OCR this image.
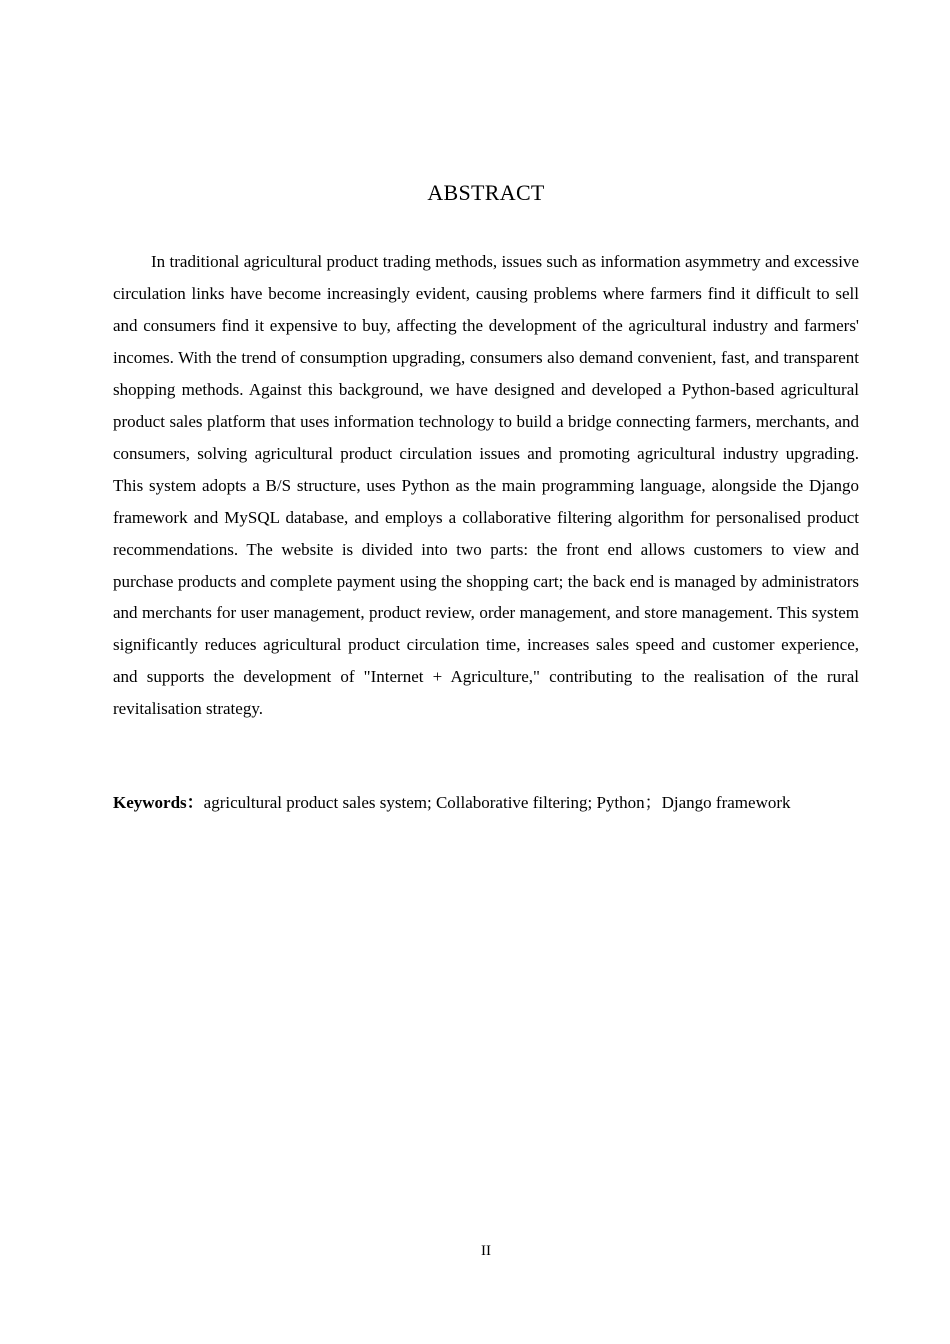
ABSTRACT

In traditional agricultural product trading methods, issues such as information asymmetry and excessive circulation links have become increasingly evident, causing problems where farmers find it difficult to sell and consumers find it expensive to buy, affecting the development of the agricultural industry and farmers' incomes. With the trend of consumption upgrading, consumers also demand convenient, fast, and transparent shopping methods. Against this background, we have designed and developed a Python-based agricultural product sales platform that uses information technology to build a bridge connecting farmers, merchants, and consumers, solving agricultural product circulation issues and promoting agricultural industry upgrading. This system adopts a B/S structure, uses Python as the main programming language, alongside the Django framework and MySQL database, and employs a collaborative filtering algorithm for personalised product recommendations. The website is divided into two parts: the front end allows customers to view and purchase products and complete payment using the shopping cart; the back end is managed by administrators and merchants for user management, product review, order management, and store management. This system significantly reduces agricultural product circulation time, increases sales speed and customer experience, and supports the development of "Internet + Agriculture," contributing to the realisation of the rural revitalisation strategy.

Keywords：agricultural product sales system; Collaborative filtering; Python；Django framework

II
